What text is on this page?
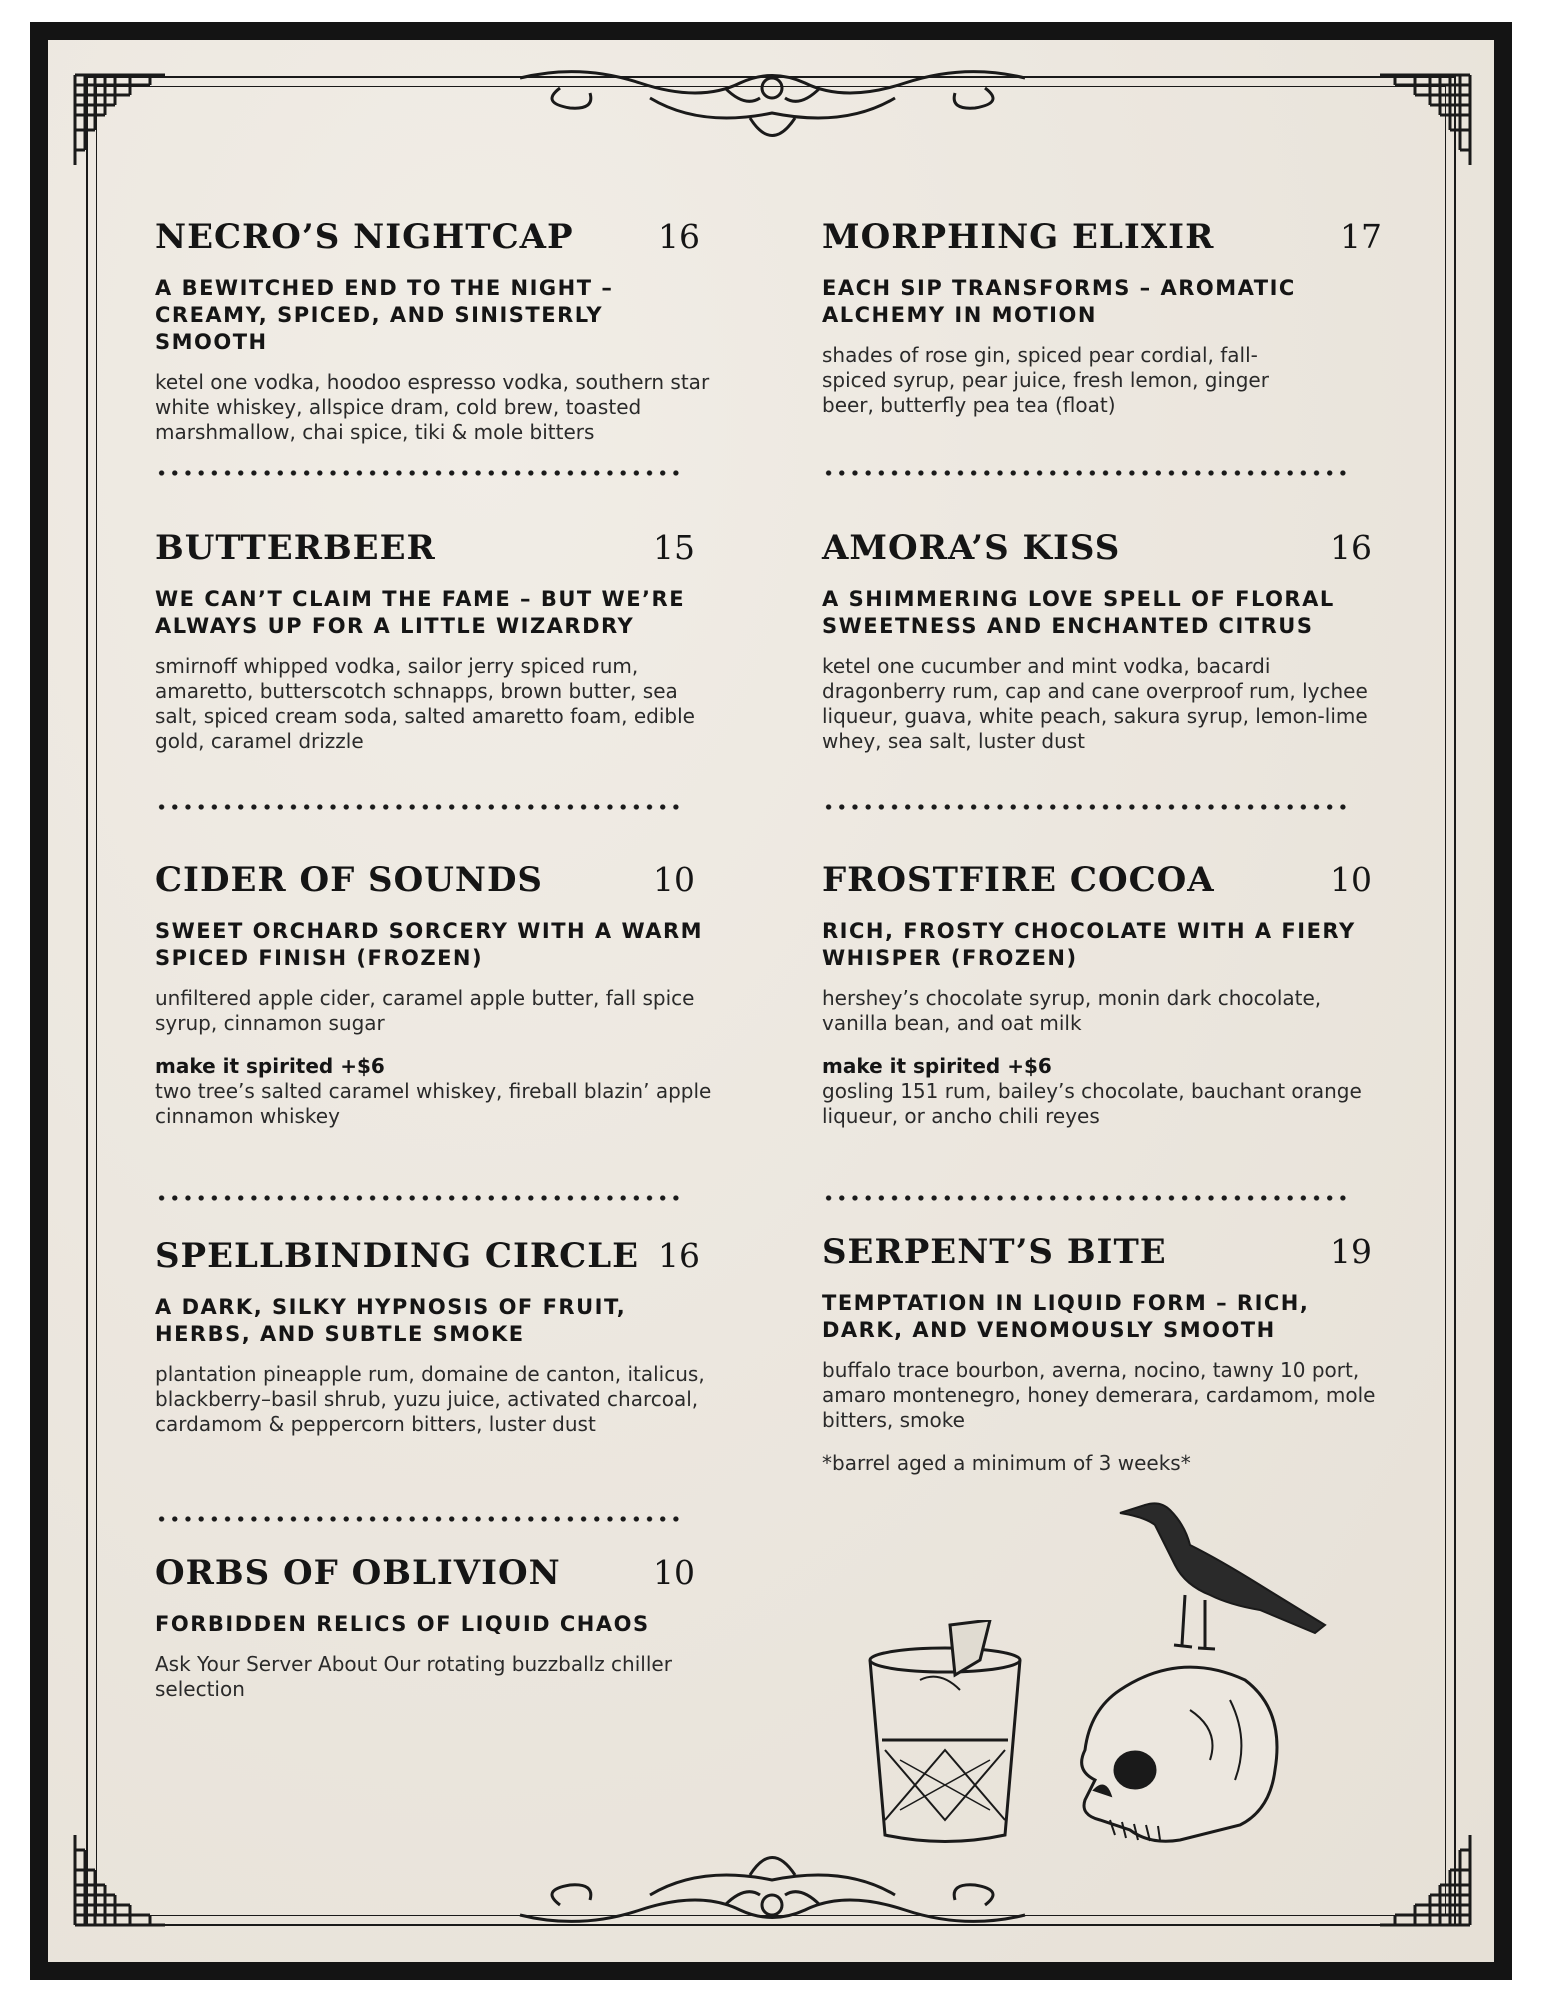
NECRO’S NIGHTCAP	16
A BEWITCHED END TO THE NIGHT – CREAMY, SPICED, AND SINISTERLY SMOOTH
ketel one vodka, hoodoo espresso vodka, southern star white whiskey, allspice dram, cold brew, toasted marshmallow, chai spice, tiki & mole bitters
BUTTERBEER	15
WE CAN’T CLAIM THE FAME – BUT WE’RE ALWAYS UP FOR A LITTLE WIZARDRY
smirnoff whipped vodka, sailor jerry spiced rum, amaretto, butterscotch schnapps, brown butter, sea salt, spiced cream soda, salted amaretto foam, edible gold, caramel drizzle
CIDER OF SOUNDS	10
SWEET ORCHARD SORCERY WITH A WARM SPICED FINISH (FROZEN)
unfiltered apple cider, caramel apple butter, fall spice syrup, cinnamon sugar
make it spirited +$6
two tree’s salted caramel whiskey, fireball blazin’ apple cinnamon whiskey
SPELLBINDING CIRCLE 16
A DARK, SILKY HYPNOSIS OF FRUIT, HERBS, AND SUBTLE SMOKE
plantation pineapple rum, domaine de canton, italicus, blackberry–basil shrub, yuzu juice, activated charcoal, cardamom & peppercorn bitters, luster dust
ORBS OF OBLIVION	10
FORBIDDEN RELICS OF LIQUID CHAOS
Ask Your Server About Our rotating buzzballz chiller selection
MORPHING ELIXIR	17
EACH SIP TRANSFORMS – AROMATIC ALCHEMY IN MOTION
shades of rose gin, spiced pear cordial, fall-spiced syrup, pear juice, fresh lemon, ginger beer, butterfly pea tea (float)
AMORA’S KISS	16
A SHIMMERING LOVE SPELL OF FLORAL SWEETNESS AND ENCHANTED CITRUS
ketel one cucumber and mint vodka, bacardi dragonberry rum, cap and cane overproof rum, lychee liqueur, guava, white peach, sakura syrup, lemon-lime whey, sea salt, luster dust
FROSTFIRE COCOA	10
RICH, FROSTY CHOCOLATE WITH A FIERY WHISPER (FROZEN)
hershey’s chocolate syrup, monin dark chocolate, vanilla bean, and oat milk
make it spirited +$6
gosling 151 rum, bailey’s chocolate, bauchant orange liqueur, or ancho chili reyes
SERPENT’S BITE	19
TEMPTATION IN LIQUID FORM – RICH, DARK, AND VENOMOUSLY SMOOTH
buffalo trace bourbon, averna, nocino, tawny 10 port, amaro montenegro, honey demerara, cardamom, mole bitters, smoke
*barrel aged a minimum of 3 weeks*
